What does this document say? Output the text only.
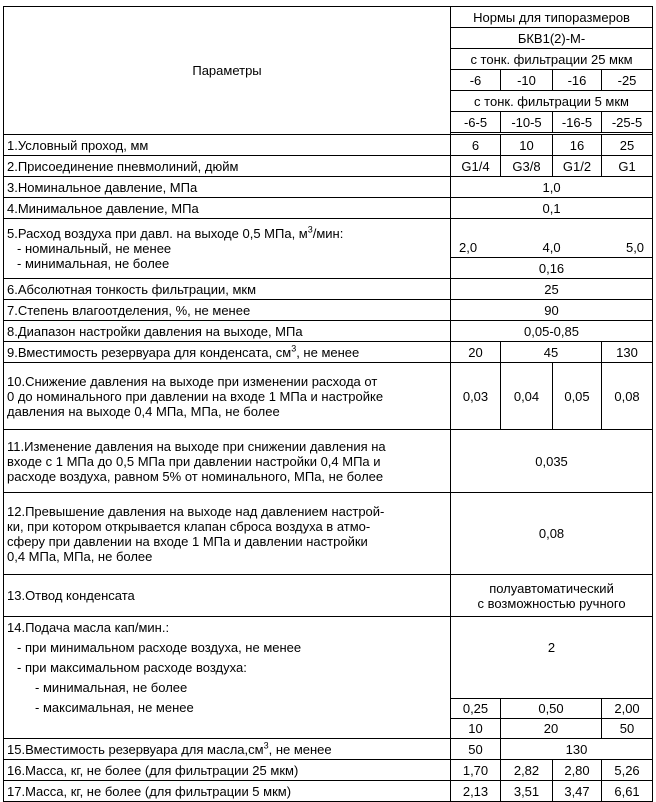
Параметры	Нормы для типоразмеров			
	БКВ1(2)-М-			
	с тонк. фильтрации 25 мкм			
	-6	-10	-16	-25
	с тонк. фильтрации 5 мкм			
	-6-5	-10-5	-16-5	-25-5

1.Условный проход, мм	6	10	16	25
2.Присоединение пневмолиний, дюйм	G1/4	G3/8	G1/2	G1
3.Номинальное давление, МПа	1,0			
4.Минимальное давление, МПа	0,1			

5.Расход воздуха при давл. на выходе 0,5 МПа, $м^3$/мин:
- номинальный, не менее
- минимальная, не более	2,0 4,0 5,0			

	0,16			
6.Абсолютная тонкость фильтрации, мкм	25			
7.Степень влагоотделения, %, не менее	90			
8.Диапазон настройки давления на выходе, МПа	0,05-0,85			
9.Вместимость резервуара для конденсата, $см^3$, не менее	20	45		130

10.Снижение давления на выходе при изменении расхода от
0 до номинального при давлении на входе 1 МПа и настройке
давления на выходе 0,4 МПа, МПа, не более	0,03	0,04	0,05	0,08

11.Изменение давления на выходе при снижении давления на
входе с 1 МПа до 0,5 МПа при давлении настройки 0,4 МПа и
расходе воздуха, равном 5% от номинального, МПа, не более	0,035			

12.Превышение давления на выходе над давлением настрой-
ки, при котором открывается клапан сброса воздуха в атмо-
сферу при давлении на входе 1 МПа и давлении настройки
0,4 МПа, МПа, не более	0,08			
13.Отвод конденсата	полуавтоматический
с возможностью ручного			

14.Подача масла кап/мин.:
- при минимальном расходе воздуха, не менее
- при максимальном расходе воздуха:
- минимальная, не более
- максимальная, не менее	2			
	0,25	0,50		2,00
	10	20		50
15.Вместимость резервуара для $масла,см^3$, не менее	50	130		
16.Масса, кг, не более (для фильтрации 25 мкм)	1,70	2,82	2,80	5,26
17.Масса, кг, не более (для фильтрации 5 мкм)	2,13	3,51	3,47	6,61
